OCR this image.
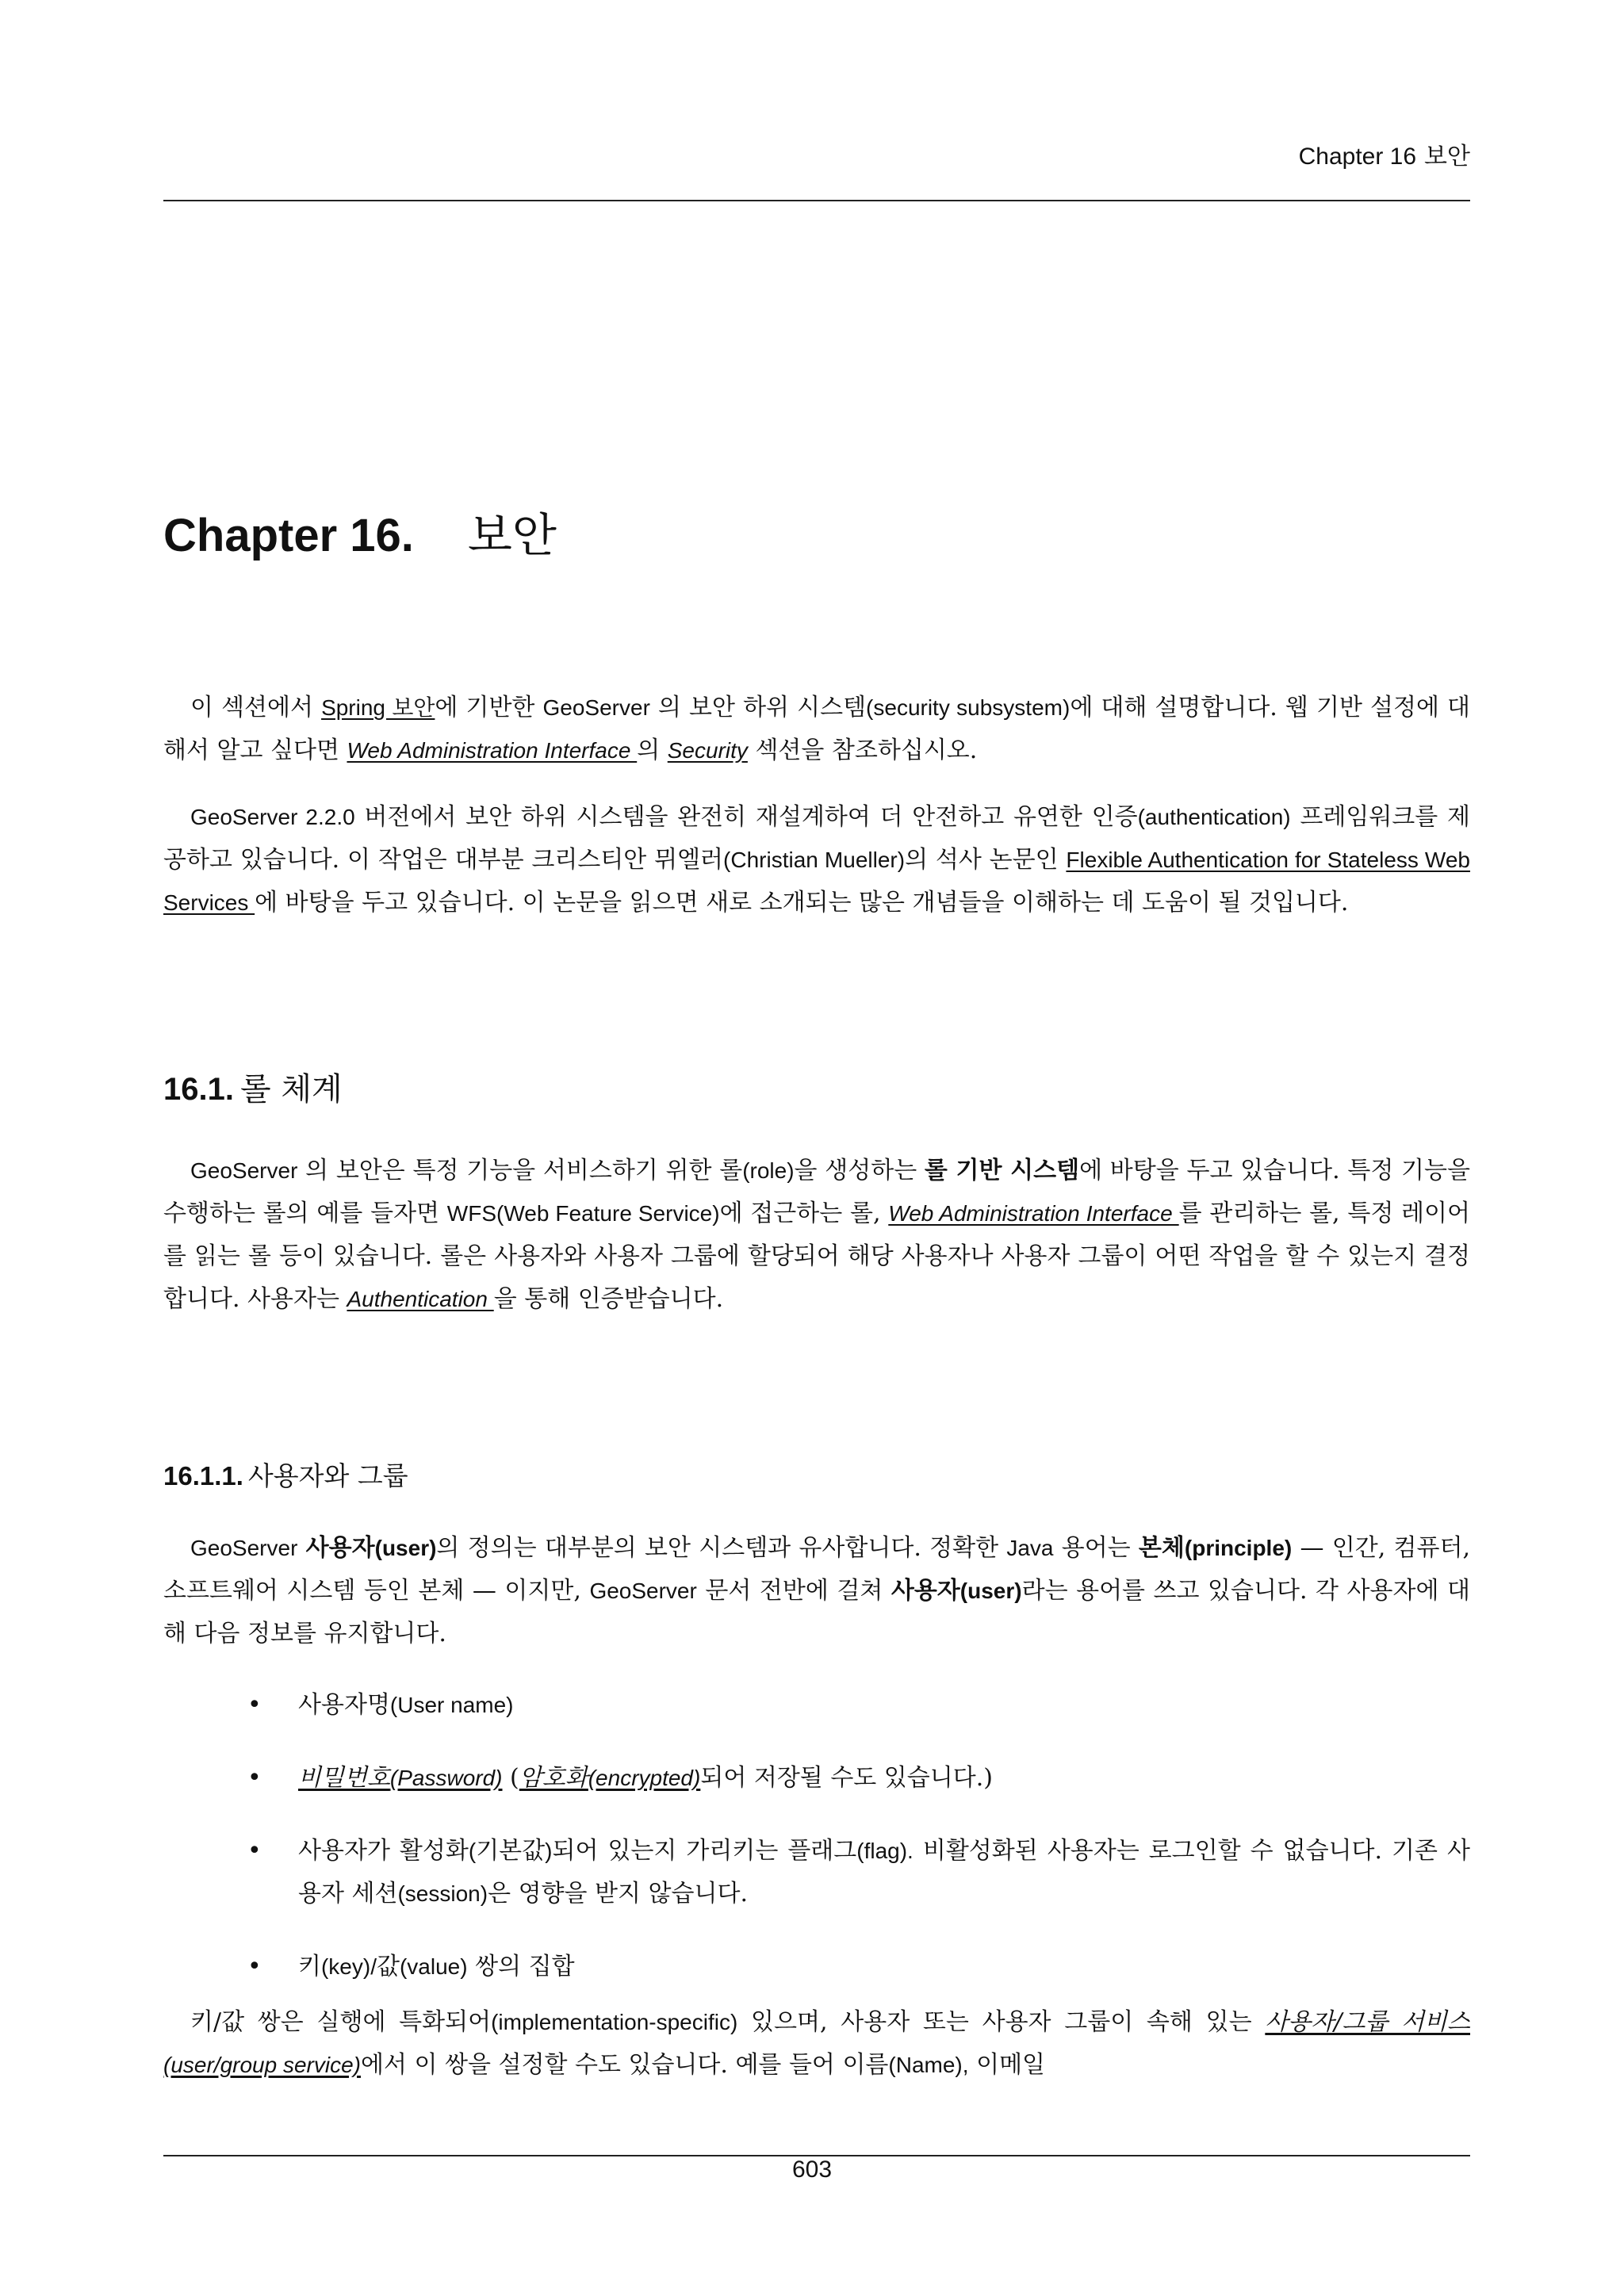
Chapter 16 보안
Chapter 16. 보안

이 섹션에서 Spring 보안에 기반한 GeoServer 의 보안 하위 시스템(security subsystem)에 대해 설명합니다. 웹 기반 설정에 대해서 알고 싶다면 Web Administration Interface 의 Security 섹션을 참조하십시오.

GeoServer 2.2.0 버전에서 보안 하위 시스템을 완전히 재설계하여 더 안전하고 유연한 인증(authentication) 프레임워크를 제공하고 있습니다. 이 작업은 대부분 크리스티안 뮈엘러(Christian Mueller)의 석사 논문인 Flexible Authentication for Stateless Web Services 에 바탕을 두고 있습니다. 이 논문을 읽으면 새로 소개되는 많은 개념들을 이해하는 데 도움이 될 것입니다.

16.1. 롤 체계

GeoServer 의 보안은 특정 기능을 서비스하기 위한 롤(role)을 생성하는 롤 기반 시스템에 바탕을 두고 있습니다. 특정 기능을 수행하는 롤의 예를 들자면 WFS(Web Feature Service)에 접근하는 롤, Web Administration Interface 를 관리하는 롤, 특정 레이어를 읽는 롤 등이 있습니다. 롤은 사용자와 사용자 그룹에 할당되어 해당 사용자나 사용자 그룹이 어떤 작업을 할 수 있는지 결정합니다. 사용자는 Authentication 을 통해 인증받습니다.

16.1.1. 사용자와 그룹

GeoServer 사용자(user)의 정의는 대부분의 보안 시스템과 유사합니다. 정확한 Java 용어는 본체(principle) — 인간, 컴퓨터, 소프트웨어 시스템 등인 본체 — 이지만, GeoServer 문서 전반에 걸쳐 사용자(user)라는 용어를 쓰고 있습니다. 각 사용자에 대해 다음 정보를 유지합니다.

• 사용자명(User name)
• 비밀번호(Password) (암호화(encrypted)되어 저장될 수도 있습니다.)
• 사용자가 활성화(기본값)되어 있는지 가리키는 플래그(flag). 비활성화된 사용자는 로그인할 수 없습니다. 기존 사용자 세션(session)은 영향을 받지 않습니다.
• 키(key)/값(value) 쌍의 집합

키/값 쌍은 실행에 특화되어(implementation-specific) 있으며, 사용자 또는 사용자 그룹이 속해 있는 사용자/그룹 서비스(user/group service)에서 이 쌍을 설정할 수도 있습니다. 예를 들어 이름(Name), 이메일

603
